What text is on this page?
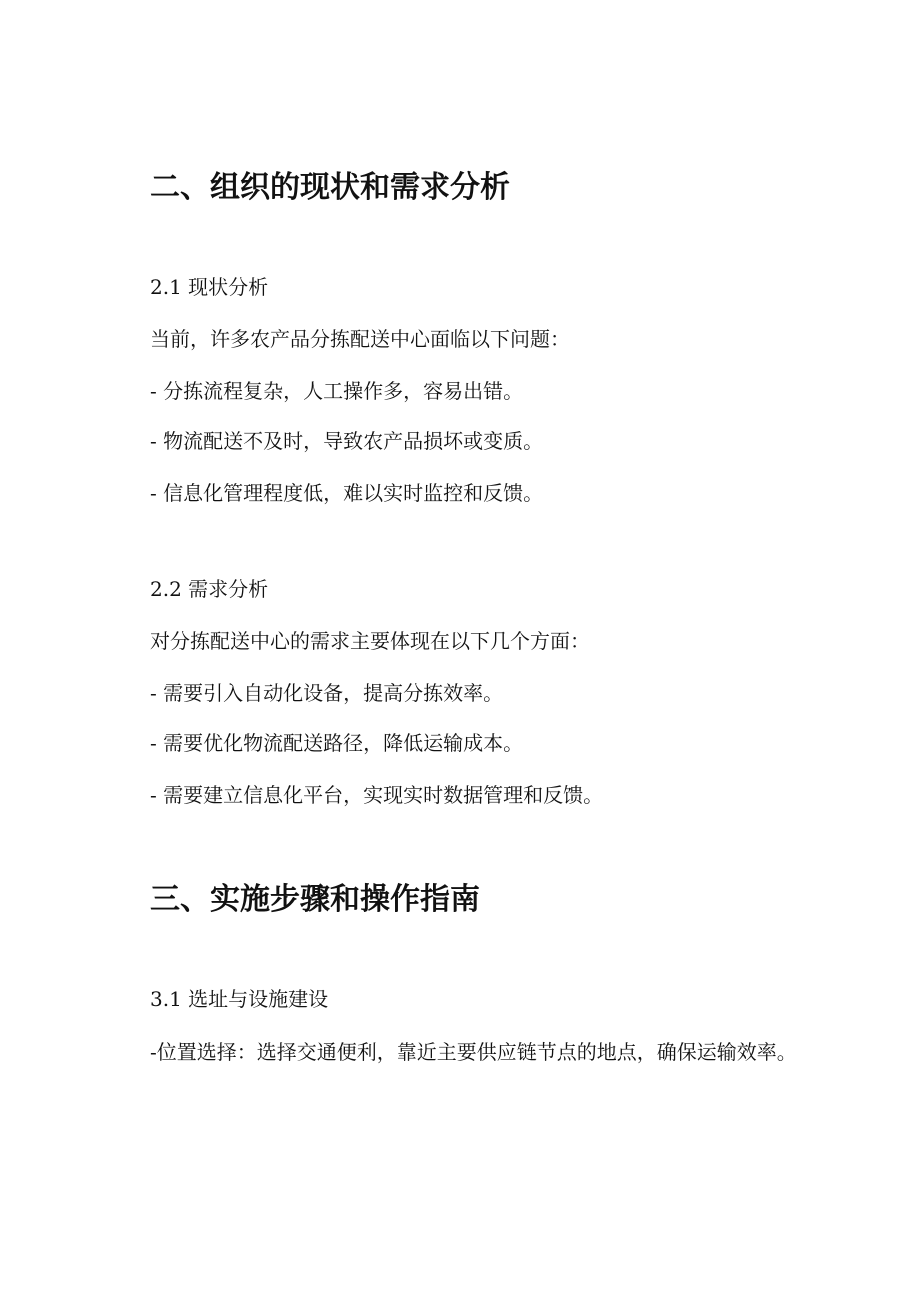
二、组织的现状和需求分析
2.1 现状分析

当前，许多农产品分拣配送中心面临以下问题：

- 分拣流程复杂，人工操作多，容易出错。

- 物流配送不及时，导致农产品损坏或变质。

- 信息化管理程度低，难以实时监控和反馈。

2.2 需求分析

对分拣配送中心的需求主要体现在以下几个方面：

- 需要引入自动化设备，提高分拣效率。

- 需要优化物流配送路径，降低运输成本。

- 需要建立信息化平台，实现实时数据管理和反馈。

三、实施步骤和操作指南
3.1 选址与设施建设

-位置选择：选择交通便利，靠近主要供应链节点的地点，确保运输效率。
